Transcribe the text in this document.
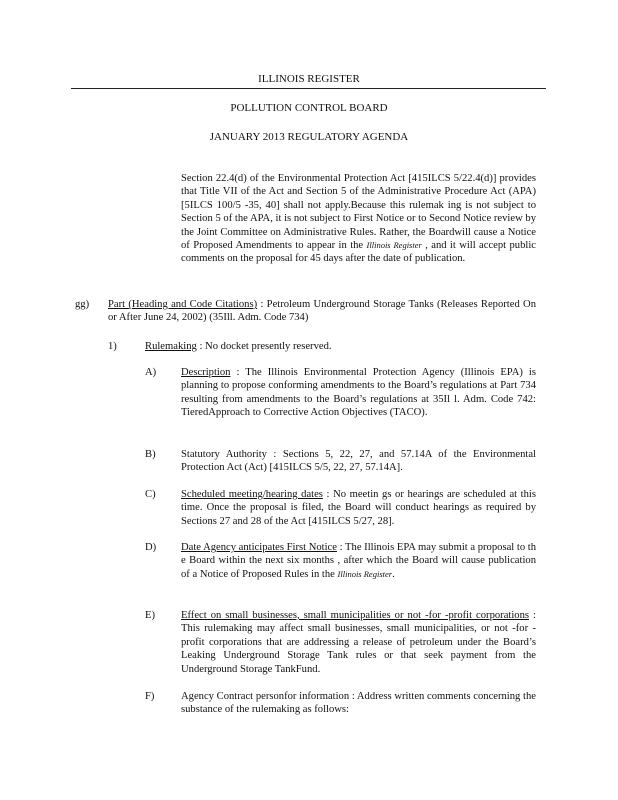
ILLINOIS REGISTER
POLLUTION CONTROL BOARD
JANUARY 2013 REGULATORY AGENDA

Section 22.4(d) of the Environmental Protection Act [415ILCS 5/22.4(d)] provides that Title VII of the Act and Section 5 of the Administrative Procedure Act (APA) [5ILCS 100/5 -35, 40] shall not apply.Because this rulemak ing is not subject to Section 5 of the APA, it is not subject to First Notice or to Second Notice review by the Joint Committee on Administrative Rules. Rather, the Boardwill cause a Notice of Proposed Amendments to appear in the Illinois Register , and it will accept public comments on the proposal for 45 days after the date of publication.

gg) Part (Heading and Code Citations) : Petroleum Underground Storage Tanks (Releases Reported On or After June 24, 2002) (35Ill. Adm. Code 734)

1)	Rulemaking : No docket presently reserved.

A) Description : The Illinois Environmental Protection Agency (Illinois EPA) is planning to propose conforming amendments to the Board’s regulations at Part 734 resulting from amendments to the Board’s regulations at 35Il l. Adm. Code 742: TieredApproach to Corrective Action Objectives (TACO).

B) Statutory Authority : Sections 5, 22, 27, and 57.14A of the Environmental Protection Act (Act) [415ILCS 5/5, 22, 27, 57.14A].

C) Scheduled meeting/hearing dates : No meetin gs or hearings are scheduled at this time. Once the proposal is filed, the Board will conduct hearings as required by Sections 27 and 28 of the Act [415ILCS 5/27, 28].

D) Date Agency anticipates First Notice : The Illinois EPA may submit a proposal to th e Board within the next six months , after which the Board will cause publication of a Notice of Proposed Rules in the Illinois Register.

E) Effect on small businesses, small municipalities or not -for -profit corporations : This rulemaking may affect small businesses, small municipalities, or not -for -profit corporations that are addressing a release of petroleum under the Board’s Leaking Underground Storage Tank rules or that seek payment from the Underground Storage TankFund.

F)	Agency Contract personfor information : Address written comments concerning the substance of the rulemaking as follows:
